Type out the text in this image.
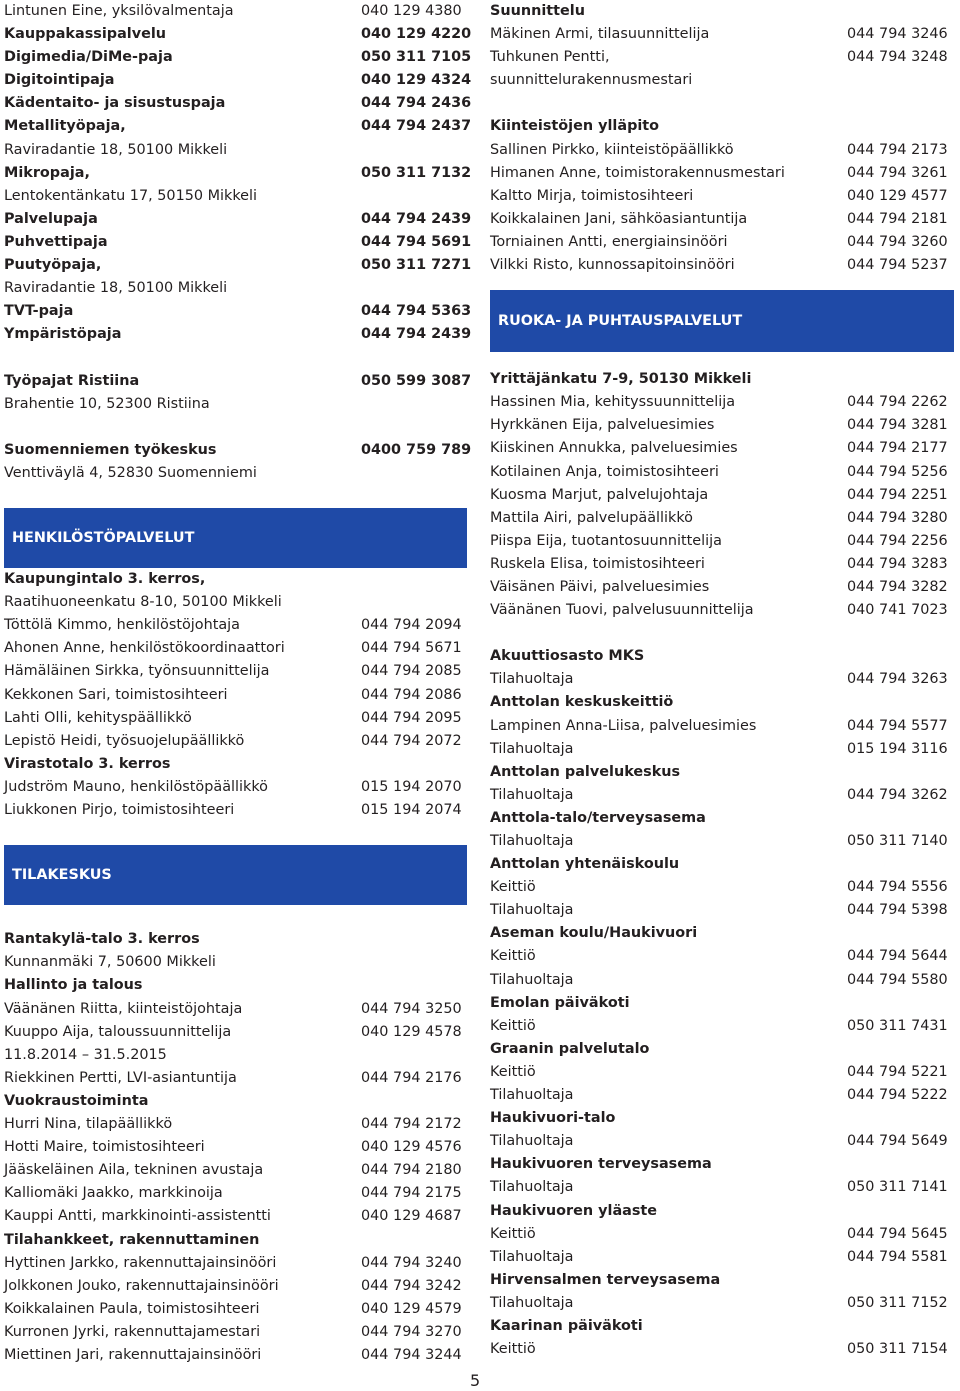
Lintunen Eine, yksilövalmentaja	040 129 4380
Kauppakassipalvelu	040 129 4220
Digimedia/DiMe-paja	050 311 7105
Digitointipaja	040 129 4324
Kädentaito- ja sisustuspaja	044 794 2436
Metallityöpaja,	044 794 2437
Raviradantie 18, 50100 Mikkeli
Mikropaja,	050 311 7132
Lentokentänkatu 17, 50150 Mikkeli
Palvelupaja	044 794 2439
Puhvettipaja	044 794 5691
Puutyöpaja,	050 311 7271
Raviradantie 18, 50100 Mikkeli
TVT-paja	044 794 5363
Ympäristöpaja	044 794 2439
Työpajat Ristiina	050 599 3087
Brahentie 10, 52300 Ristiina
Suomenniemen työkeskus	0400 759 789
Venttiväylä 4, 52830 Suomenniemi
HENKILÖSTÖPALVELUT
Kaupungintalo 3. kerros,
Raatihuoneenkatu 8-10, 50100 Mikkeli
Töttölä Kimmo, henkilöstöjohtaja	044 794 2094
Ahonen Anne, henkilöstökoordinaattori	044 794 5671
Hämäläinen Sirkka, työnsuunnittelija	044 794 2085
Kekkonen Sari, toimistosihteeri	044 794 2086
Lahti Olli, kehityspäällikkö	044 794 2095
Lepistö Heidi, työsuojelupäällikkö	044 794 2072
Virastotalo 3. kerros
Judström Mauno, henkilöstöpäällikkö	015 194 2070
Liukkonen Pirjo, toimistosihteeri	015 194 2074
TILAKESKUS
Rantakylä-talo 3. kerros
Kunnanmäki 7, 50600 Mikkeli
Hallinto ja talous
Väänänen Riitta, kiinteistöjohtaja	044 794 3250
Kuuppo Aija, taloussuunnittelija	040 129 4578
11.8.2014 – 31.5.2015
Riekkinen Pertti, LVI-asiantuntija	044 794 2176
Vuokraustoiminta
Hurri Nina, tilapäällikkö	044 794 2172
Hotti Maire, toimistosihteeri	040 129 4576
Jääskeläinen Aila, tekninen avustaja	044 794 2180
Kalliomäki Jaakko, markkinoija	044 794 2175
Kauppi Antti, markkinointi-assistentti	040 129 4687
Tilahankkeet, rakennuttaminen
Hyttinen Jarkko, rakennuttajainsinööri	044 794 3240
Jolkkonen Jouko, rakennuttajainsinööri	044 794 3242
Koikkalainen Paula, toimistosihteeri	040 129 4579
Kurronen Jyrki, rakennuttajamestari	044 794 3270
Miettinen Jari, rakennuttajainsinööri	044 794 3244
Suunnittelu
Mäkinen Armi, tilasuunnittelija	044 794 3246
Tuhkunen Pentti,	044 794 3248
suunnittelurakennusmestari
Kiinteistöjen ylläpito
Sallinen Pirkko, kiinteistöpäällikkö	044 794 2173
Himanen Anne, toimistorakennusmestari	044 794 3261
Kaltto Mirja, toimistosihteeri	040 129 4577
Koikkalainen Jani, sähköasiantuntija	044 794 2181
Torniainen Antti, energiainsinööri	044 794 3260
Vilkki Risto, kunnossapitoinsinööri	044 794 5237
RUOKA- JA PUHTAUSPALVELUT
Yrittäjänkatu 7-9, 50130 Mikkeli
Hassinen Mia, kehityssuunnittelija	044 794 2262
Hyrkkänen Eija, palveluesimies	044 794 3281
Kiiskinen Annukka, palveluesimies	044 794 2177
Kotilainen Anja, toimistosihteeri	044 794 5256
Kuosma Marjut, palvelujohtaja	044 794 2251
Mattila Airi, palvelupäällikkö	044 794 3280
Piispa Eija, tuotantosuunnittelija	044 794 2256
Ruskela Elisa, toimistosihteeri	044 794 3283
Väisänen Päivi, palveluesimies	044 794 3282
Väänänen Tuovi, palvelusuunnittelija	040 741 7023
Akuuttiosasto MKS
Tilahuoltaja	044 794 3263
Anttolan keskuskeittiö
Lampinen Anna-Liisa, palveluesimies	044 794 5577
Tilahuoltaja	015 194 3116
Anttolan palvelukeskus
Tilahuoltaja	044 794 3262
Anttola-talo/terveysasema
Tilahuoltaja	050 311 7140
Anttolan yhtenäiskoulu
Keittiö	044 794 5556
Tilahuoltaja	044 794 5398
Aseman koulu/Haukivuori
Keittiö	044 794 5644
Tilahuoltaja	044 794 5580
Emolan päiväkoti
Keittiö	050 311 7431
Graanin palvelutalo
Keittiö	044 794 5221
Tilahuoltaja	044 794 5222
Haukivuori-talo
Tilahuoltaja	044 794 5649
Haukivuoren terveysasema
Tilahuoltaja	050 311 7141
Haukivuoren yläaste
Keittiö	044 794 5645
Tilahuoltaja	044 794 5581
Hirvensalmen terveysasema
Tilahuoltaja	050 311 7152
Kaarinan päiväkoti
Keittiö	050 311 7154
5
